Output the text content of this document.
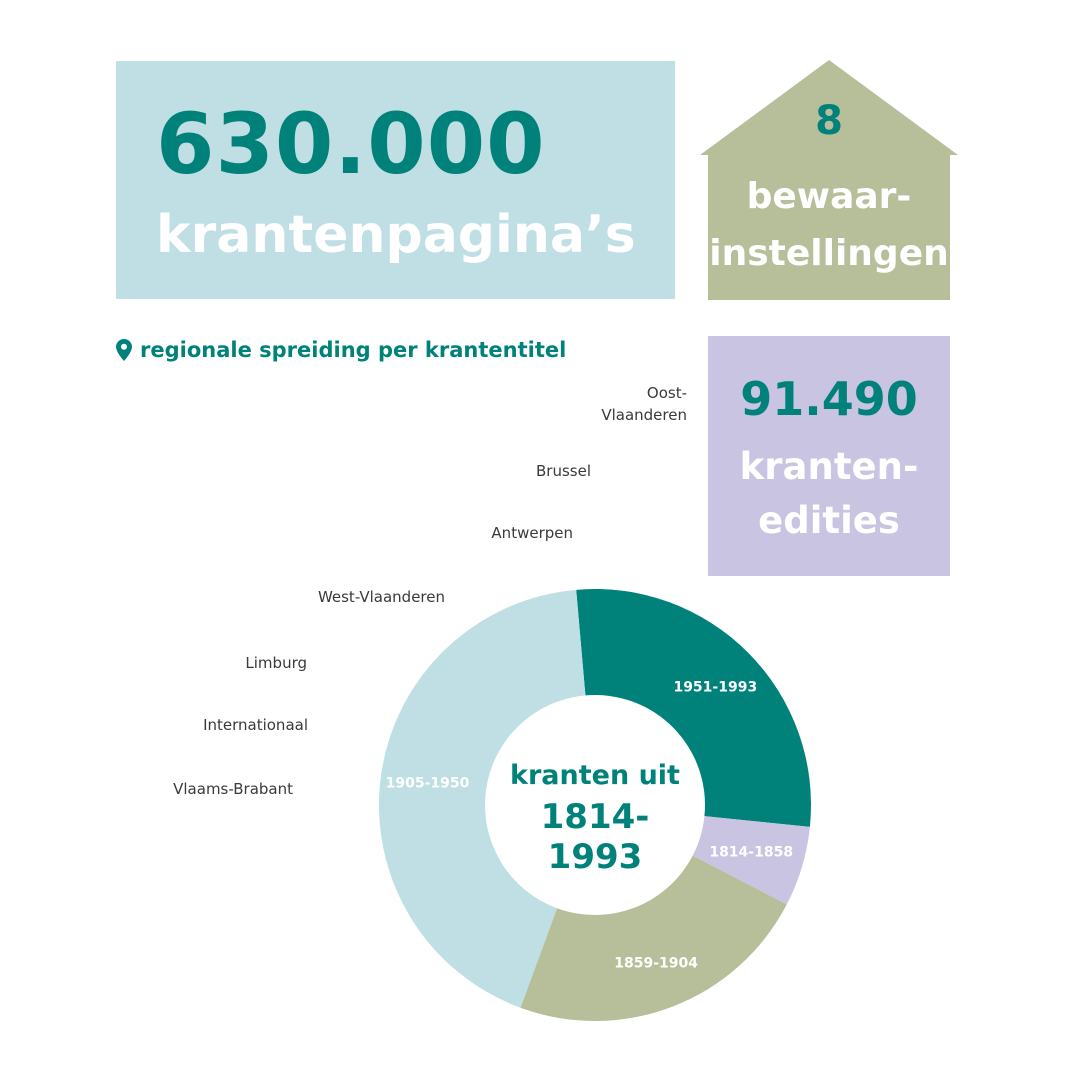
630.000
krantenpagina’s
8
bewaar-
instellingen
91.490
kranten-
edities
regionale spreiding per krantentitel
Oost-
Vlaanderen
Brussel
Antwerpen
West-Vlaanderen
Limburg
Internationaal
Vlaams-Brabant
1951-1993
1814-1858
1859-1904
1905-1950	kranten uit
1814-1993
